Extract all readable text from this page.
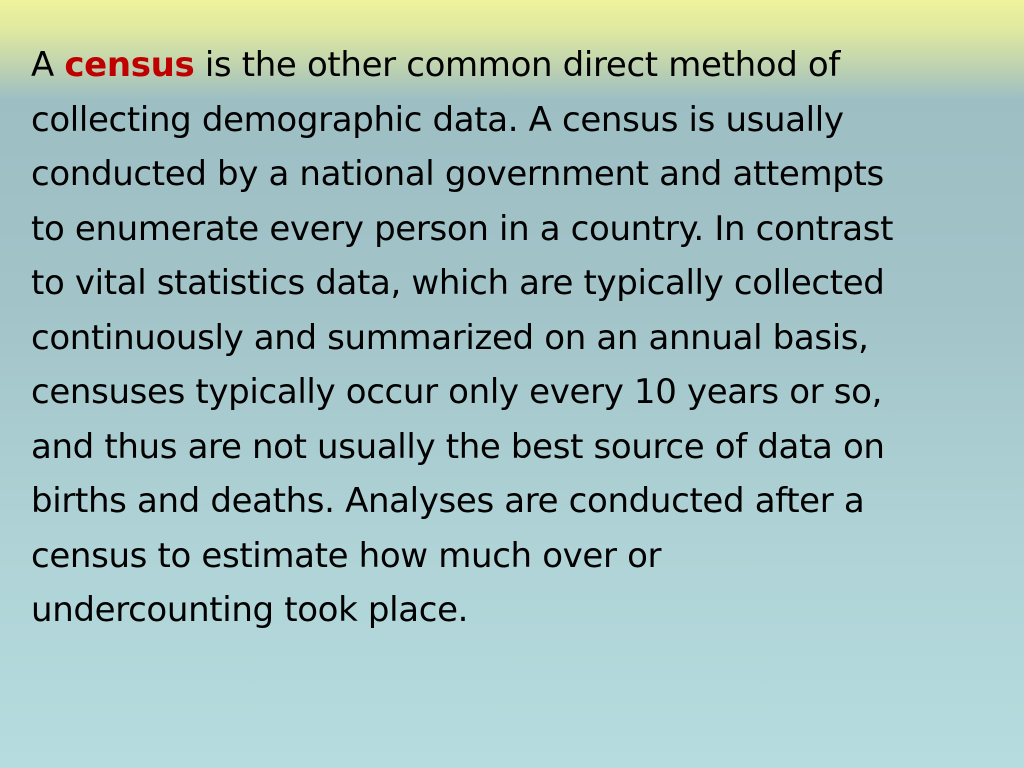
A census is the other common direct method of
collecting demographic data. A census is usually
conducted by a national government and attempts
to enumerate every person in a country. In contrast
to vital statistics data, which are typically collected
continuously and summarized on an annual basis,
censuses typically occur only every 10 years or so,
and thus are not usually the best source of data on
births and deaths. Analyses are conducted after a
census to estimate how much over or
undercounting took place.
